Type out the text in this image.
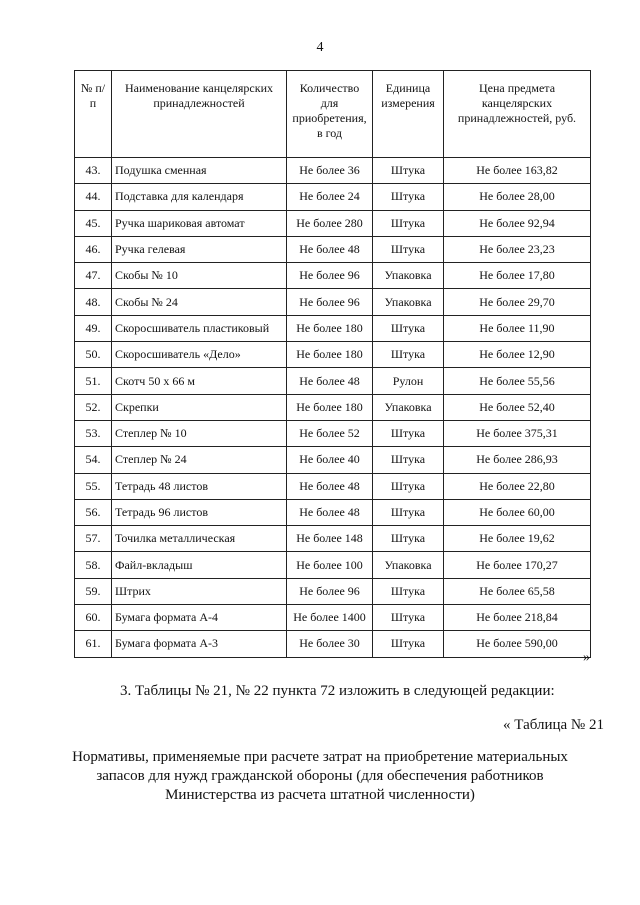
4
№ п/п	Наименование канцелярских принадлежностей	Количество для приобретения, в год	Единица измерения	Цена предмета канцелярских принадлежностей, руб.
43.	Подушка сменная	Не более 36	Штука	Не более 163,82
44.	Подставка для календаря	Не более 24	Штука	Не более 28,00
45.	Ручка шариковая автомат	Не более 280	Штука	Не более 92,94
46.	Ручка гелевая	Не более 48	Штука	Не более 23,23
47.	Скобы № 10	Не более 96	Упаковка	Не более 17,80
48.	Скобы № 24	Не более 96	Упаковка	Не более 29,70
49.	Скоросшиватель пластиковый	Не более 180	Штука	Не более 11,90
50.	Скоросшиватель «Дело»	Не более 180	Штука	Не более 12,90
51.	Скотч 50 х 66 м	Не более 48	Рулон	Не более 55,56
52.	Скрепки	Не более 180	Упаковка	Не более 52,40
53.	Степлер № 10	Не более 52	Штука	Не более 375,31
54.	Степлер № 24	Не более 40	Штука	Не более 286,93
55.	Тетрадь 48 листов	Не более 48	Штука	Не более 22,80
56.	Тетрадь 96 листов	Не более 48	Штука	Не более 60,00
57.	Точилка металлическая	Не более 148	Штука	Не более 19,62
58.	Файл-вкладыш	Не более 100	Упаковка	Не более 170,27
59.	Штрих	Не более 96	Штука	Не более 65,58
60.	Бумага формата А-4	Не более 1400	Штука	Не более 218,84
61.	Бумага формата А-3	Не более 30	Штука	Не более 590,00
»
3. Таблицы № 21, № 22 пункта 72 изложить в следующей редакции:
« Таблица № 21
Нормативы, применяемые при расчете затрат на приобретение материальных запасов для нужд гражданской обороны (для обеспечения работников Министерства из расчета штатной численности)
